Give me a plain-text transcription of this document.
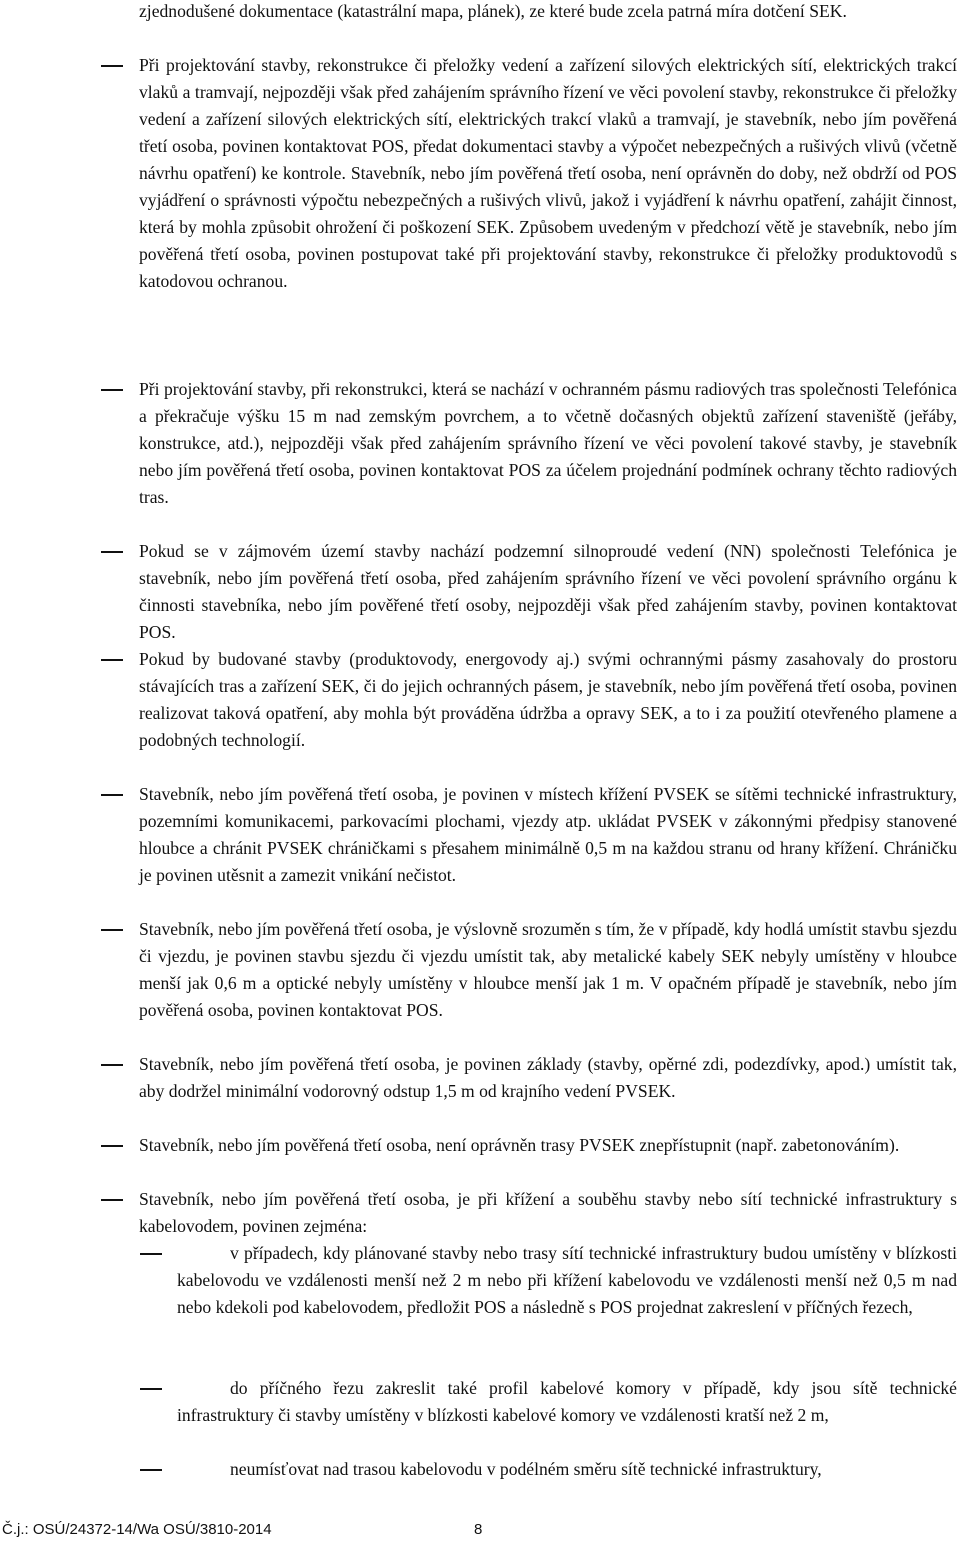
zjednodušené dokumentace (katastrální mapa, plánek), ze které bude zcela patrná míra dotčení SEK.

Při projektování stavby, rekonstrukce či přeložky vedení a zařízení silových elektrických sítí, elektrických trakcí vlaků a tramvají, nejpozději však před zahájením správního řízení ve věci povolení stavby, rekonstrukce či přeložky vedení a zařízení silových elektrických sítí, elektrických trakcí vlaků a tramvají, je stavebník, nebo jím pověřená třetí osoba, povinen kontaktovat POS, předat dokumentaci stavby a výpočet nebezpečných a rušivých vlivů (včetně návrhu opatření) ke kontrole. Stavebník, nebo jím pověřená třetí osoba, není oprávněn do doby, než obdrží od POS vyjádření o správnosti výpočtu nebezpečných a rušivých vlivů, jakož i vyjádření k návrhu opatření, zahájit činnost, která by mohla způsobit ohrožení či poškození SEK. Způsobem uvedeným v předchozí větě je stavebník, nebo jím pověřená třetí osoba, povinen postupovat také při projektování stavby, rekonstrukce či přeložky produktovodů s katodovou ochranou.

Při projektování stavby, při rekonstrukci, která se nachází v ochranném pásmu radiových tras společnosti Telefónica a překračuje výšku 15 m nad zemským povrchem, a to včetně dočasných objektů zařízení staveniště (jeřáby, konstrukce, atd.), nejpozději však před zahájením správního řízení ve věci povolení takové stavby, je stavebník nebo jím pověřená třetí osoba, povinen kontaktovat POS za účelem projednání podmínek ochrany těchto radiových tras.

Pokud se v zájmovém území stavby nachází podzemní silnoproudé vedení (NN) společnosti Telefónica je stavebník, nebo jím pověřená třetí osoba, před zahájením správního řízení ve věci povolení správního orgánu k činnosti stavebníka, nebo jím pověřené třetí osoby, nejpozději však před zahájením stavby, povinen kontaktovat POS.

Pokud by budované stavby (produktovody, energovody aj.) svými ochrannými pásmy zasahovaly do prostoru stávajících tras a zařízení SEK, či do jejich ochranných pásem, je stavebník, nebo jím pověřená třetí osoba, povinen realizovat taková opatření, aby mohla být prováděna údržba a opravy SEK, a to i za použití otevřeného plamene a podobných technologií.

Stavebník, nebo jím pověřená třetí osoba, je povinen v místech křížení PVSEK se sítěmi technické infrastruktury, pozemními komunikacemi, parkovacími plochami, vjezdy atp. ukládat PVSEK v zákonnými předpisy stanovené hloubce a chránit PVSEK chráničkami s přesahem minimálně 0,5 m na každou stranu od hrany křížení. Chráničku je povinen utěsnit a zamezit vnikání nečistot.

Stavebník, nebo jím pověřená třetí osoba, je výslovně srozuměn s tím, že v případě, kdy hodlá umístit stavbu sjezdu či vjezdu, je povinen stavbu sjezdu či vjezdu umístit tak, aby metalické kabely SEK nebyly umístěny v hloubce menší jak 0,6 m a optické nebyly umístěny v hloubce menší jak 1 m. V opačném případě je stavebník, nebo jím pověřená osoba, povinen kontaktovat POS.

Stavebník, nebo jím pověřená třetí osoba, je povinen základy (stavby, opěrné zdi, podezdívky, apod.) umístit tak, aby dodržel minimální vodorovný odstup 1,5 m od krajního vedení PVSEK.

Stavebník, nebo jím pověřená třetí osoba, není oprávněn trasy PVSEK znepřístupnit (např. zabetonováním).

Stavebník, nebo jím pověřená třetí osoba, je při křížení a souběhu stavby nebo sítí technické infrastruktury s kabelovodem, povinen zejména:

v případech, kdy plánované stavby nebo trasy sítí technické infrastruktury budou umístěny v blízkosti kabelovodu ve vzdálenosti menší než 2 m nebo při křížení kabelovodu ve vzdálenosti menší než 0,5 m nad nebo kdekoli pod kabelovodem, předložit POS a následně s POS projednat zakreslení v příčných řezech,

do příčného řezu zakreslit také profil kabelové komory v případě, kdy jsou sítě technické infrastruktury či stavby umístěny v blízkosti kabelové komory ve vzdálenosti kratší než 2 m,

neumísťovat nad trasou kabelovodu v podélném směru sítě technické infrastruktury,

Č.j.: OSÚ/24372-14/Wa OSÚ/3810-2014	8
